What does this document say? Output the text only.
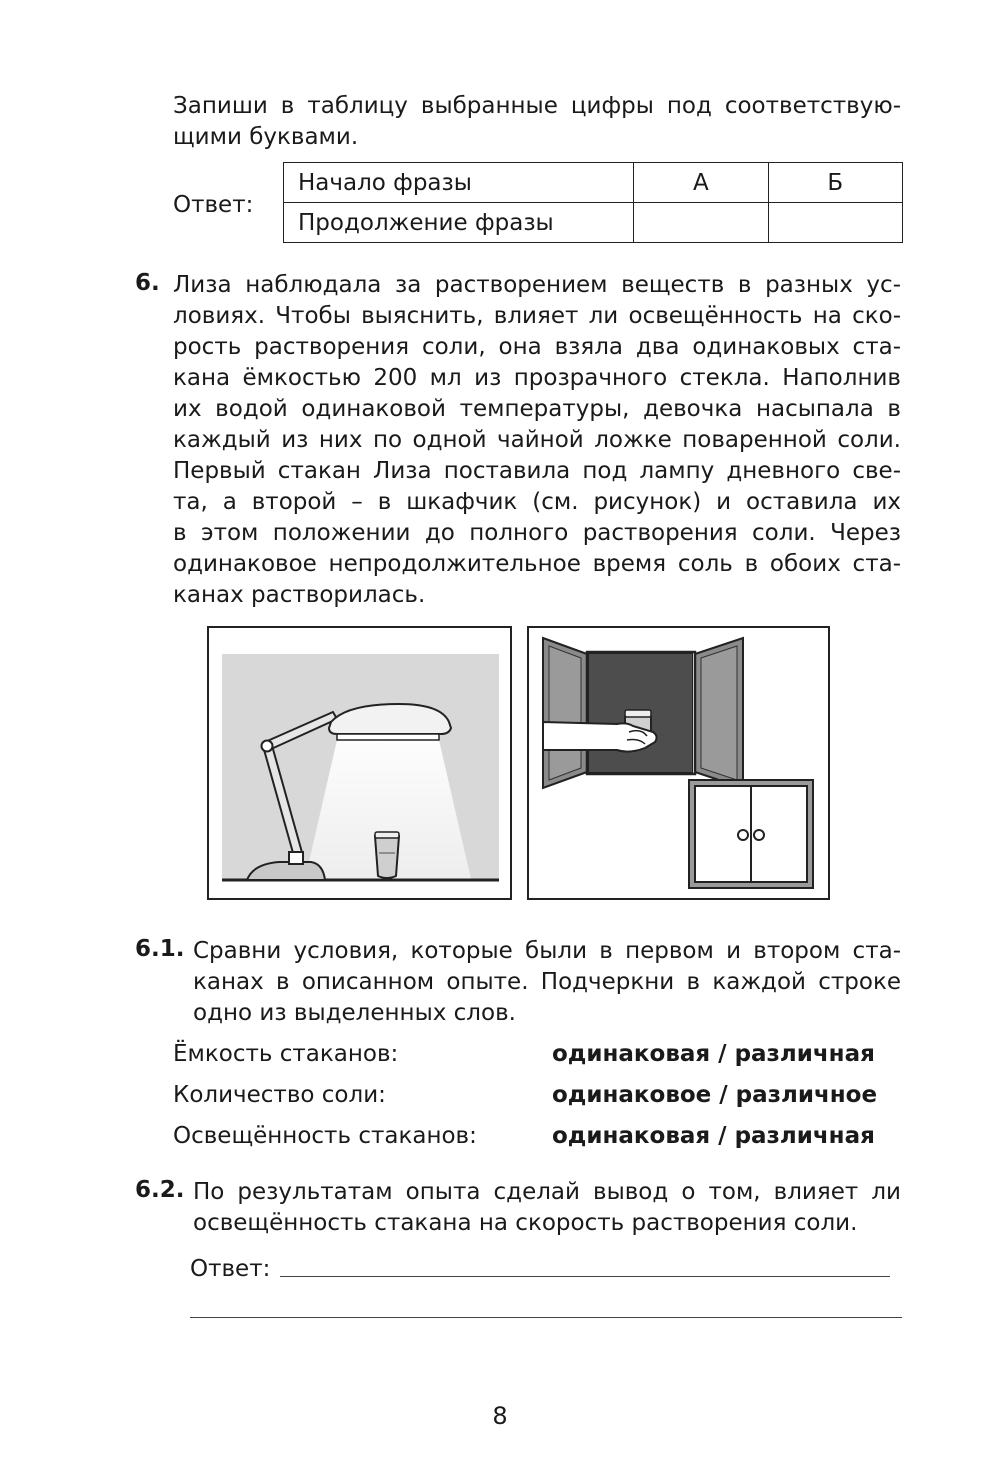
Запиши в таблицу выбранные цифры под соответствую-
щими буквами.
Ответ:
Начало фразы	А	Б
Продолжение фразы		
6. Лиза наблюдала за растворением веществ в разных ус-
ловиях. Чтобы выяснить, влияет ли освещённость на ско-
рость растворения соли, она взяла два одинаковых ста-
кана ёмкостью 200 мл из прозрачного стекла. Наполнив
их водой одинаковой температуры, девочка насыпала в
каждый из них по одной чайной ложке поваренной соли.
Первый стакан Лиза поставила под лампу дневного све-
та, а второй – в шкафчик (см. рисунок) и оставила их
в этом положении до полного растворения соли. Через
одинаковое непродолжительное время соль в обоих ста-
канах растворилась.
6.1. Сравни условия, которые были в первом и втором ста-
канах в описанном опыте. Подчеркни в каждой строке
одно из выделенных слов.
Ёмкость стаканов:	одинаковая / различная
Количество соли:	одинаковое / различное
Освещённость стаканов:	одинаковая / различная
6.2. По результатам опыта сделай вывод о том, влияет ли
освещённость стакана на скорость растворения соли.
Ответ:
8
